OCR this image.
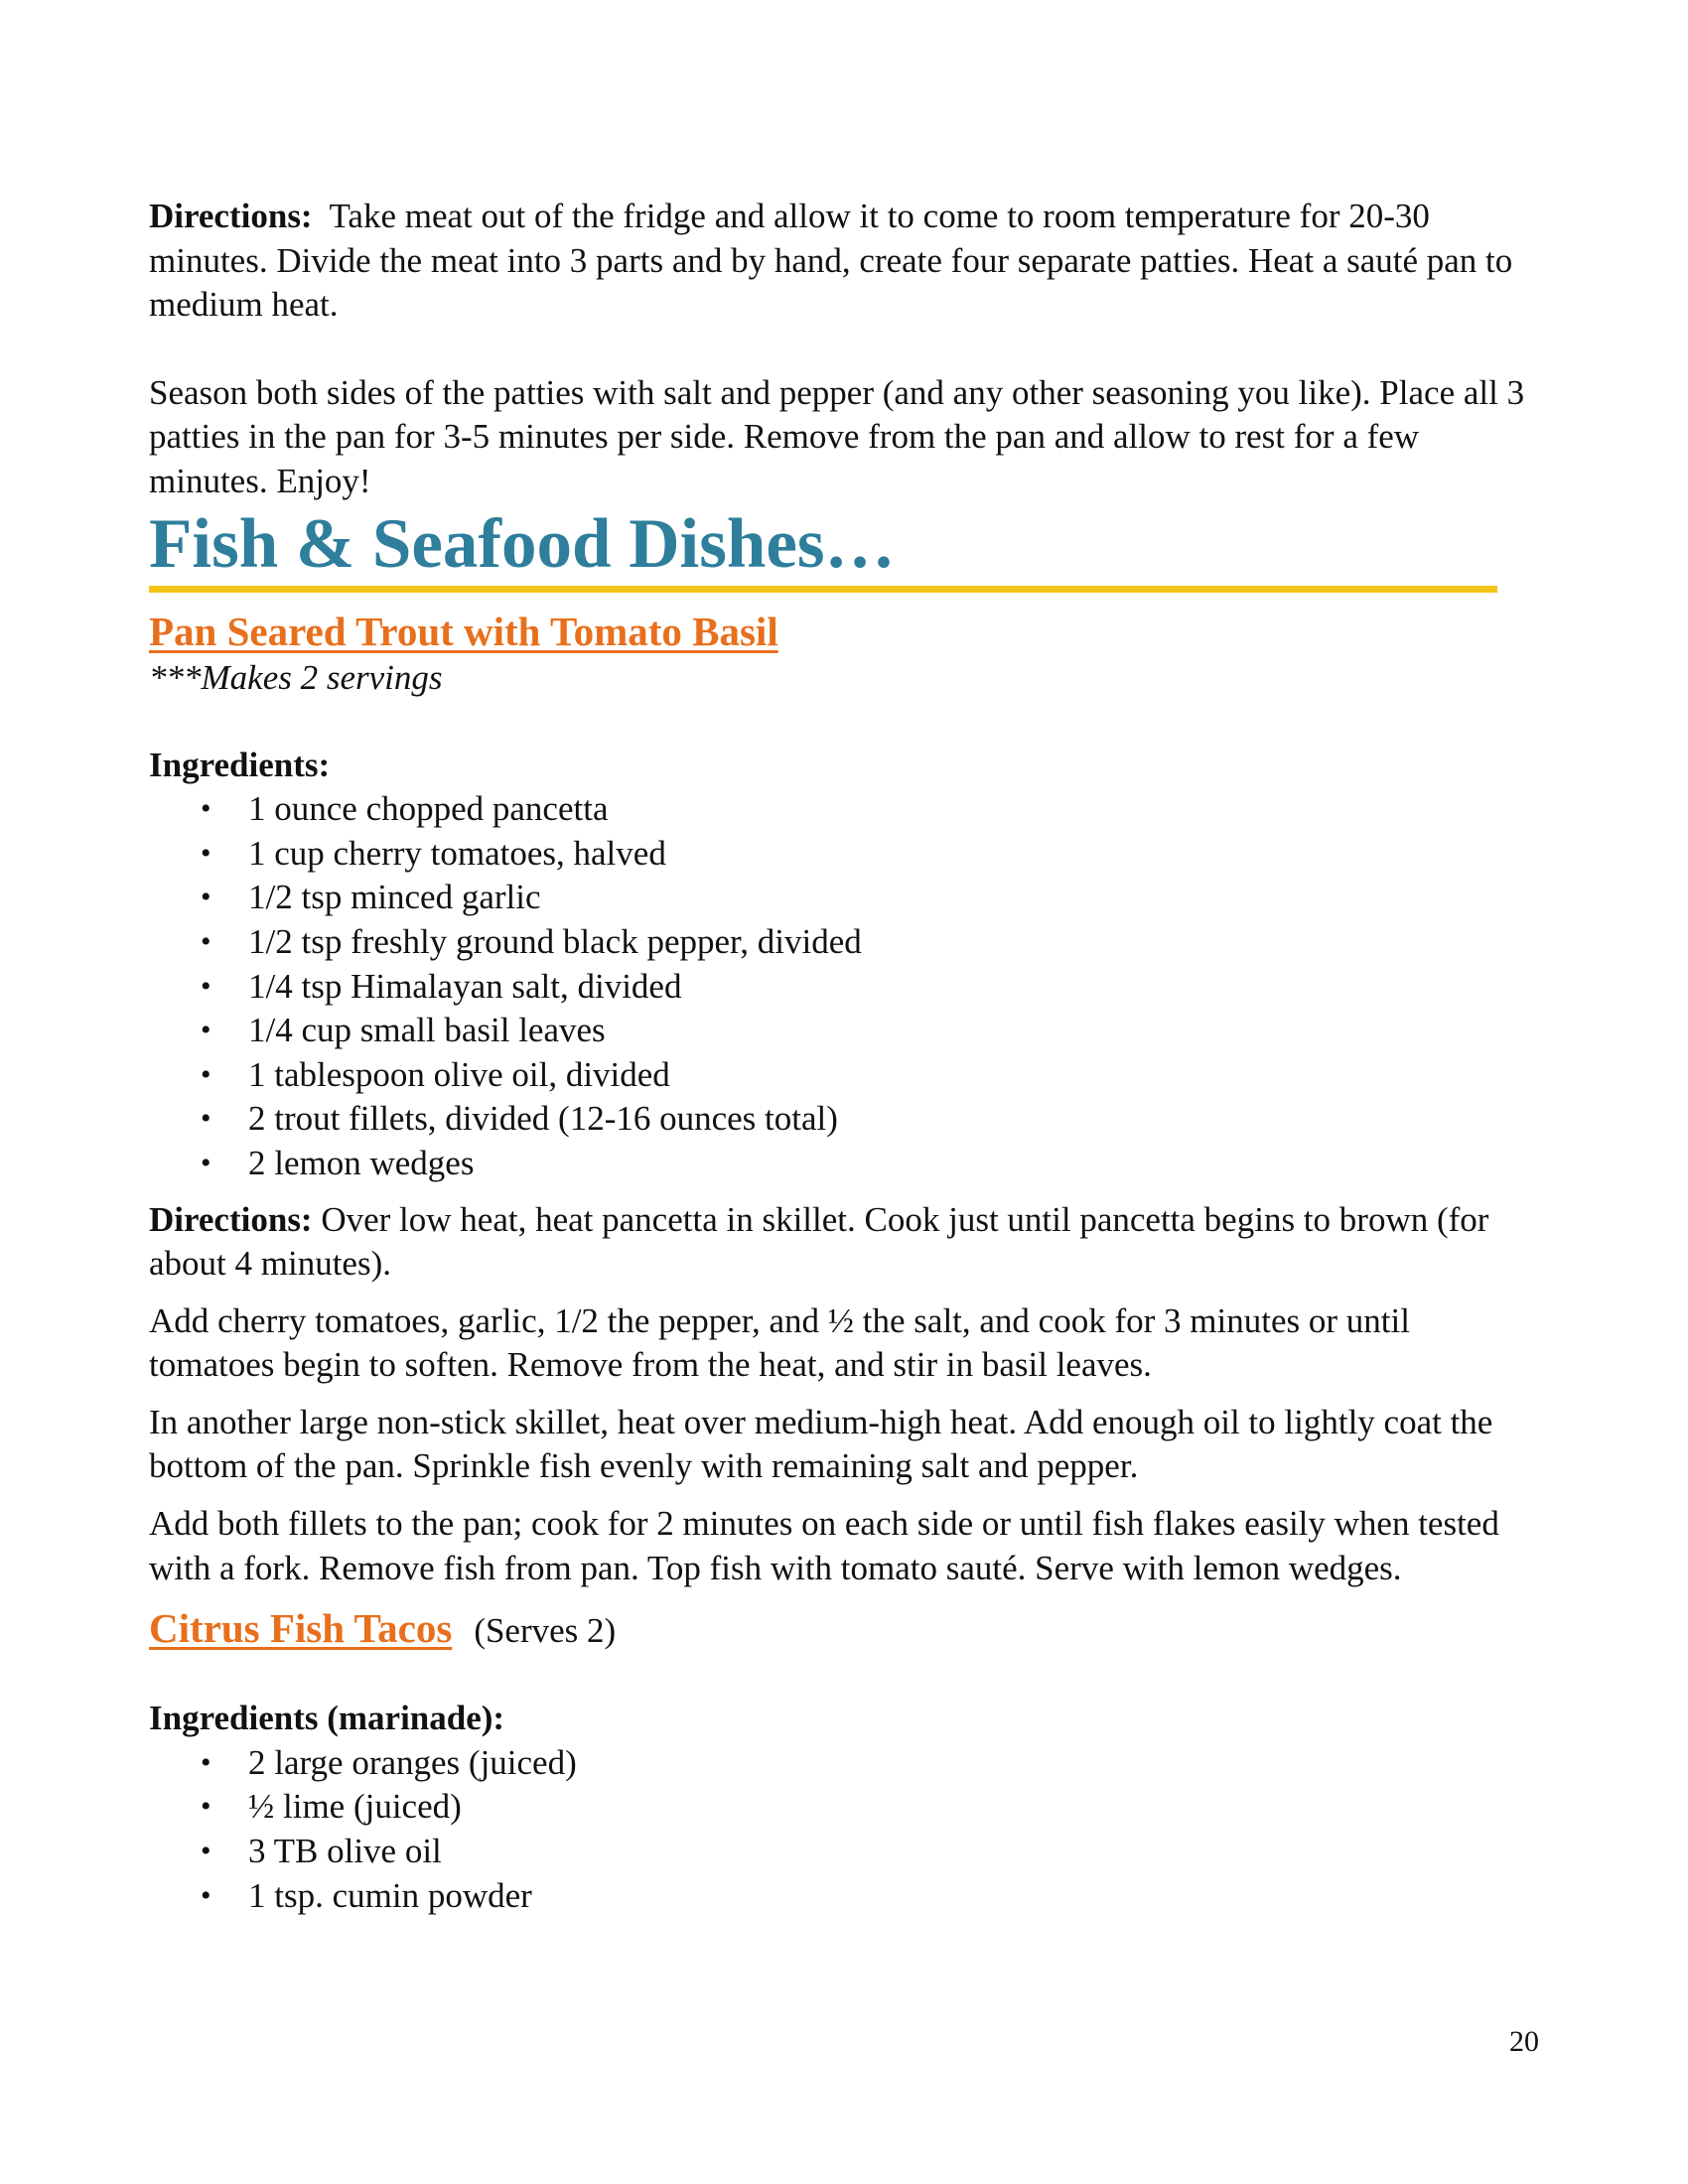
Directions: Take meat out of the fridge and allow it to come to room temperature for 20-30 minutes. Divide the meat into 3 parts and by hand, create four separate patties. Heat a sauté pan to medium heat.

Season both sides of the patties with salt and pepper (and any other seasoning you like). Place all 3 patties in the pan for 3-5 minutes per side. Remove from the pan and allow to rest for a few minutes. Enjoy!

Fish & Seafood Dishes…
Pan Seared Trout with Tomato Basil

***Makes 2 servings

Ingredients:

• 1 ounce chopped pancetta
• 1 cup cherry tomatoes, halved
• 1/2 tsp minced garlic
• 1/2 tsp freshly ground black pepper, divided
• 1/4 tsp Himalayan salt, divided
• 1/4 cup small basil leaves
• 1 tablespoon olive oil, divided
• 2 trout fillets, divided (12-16 ounces total)
• 2 lemon wedges

Directions: Over low heat, heat pancetta in skillet. Cook just until pancetta begins to brown (for about 4 minutes).

Add cherry tomatoes, garlic, 1/2 the pepper, and ½ the salt, and cook for 3 minutes or until tomatoes begin to soften. Remove from the heat, and stir in basil leaves.

In another large non-stick skillet, heat over medium-high heat. Add enough oil to lightly coat the bottom of the pan. Sprinkle fish evenly with remaining salt and pepper.

Add both fillets to the pan; cook for 2 minutes on each side or until fish flakes easily when tested with a fork. Remove fish from pan. Top fish with tomato sauté. Serve with lemon wedges.

Citrus Fish Tacos (Serves 2)

Ingredients (marinade):

• 2 large oranges (juiced)
• ½ lime (juiced)
• 3 TB olive oil
• 1 tsp. cumin powder
20
